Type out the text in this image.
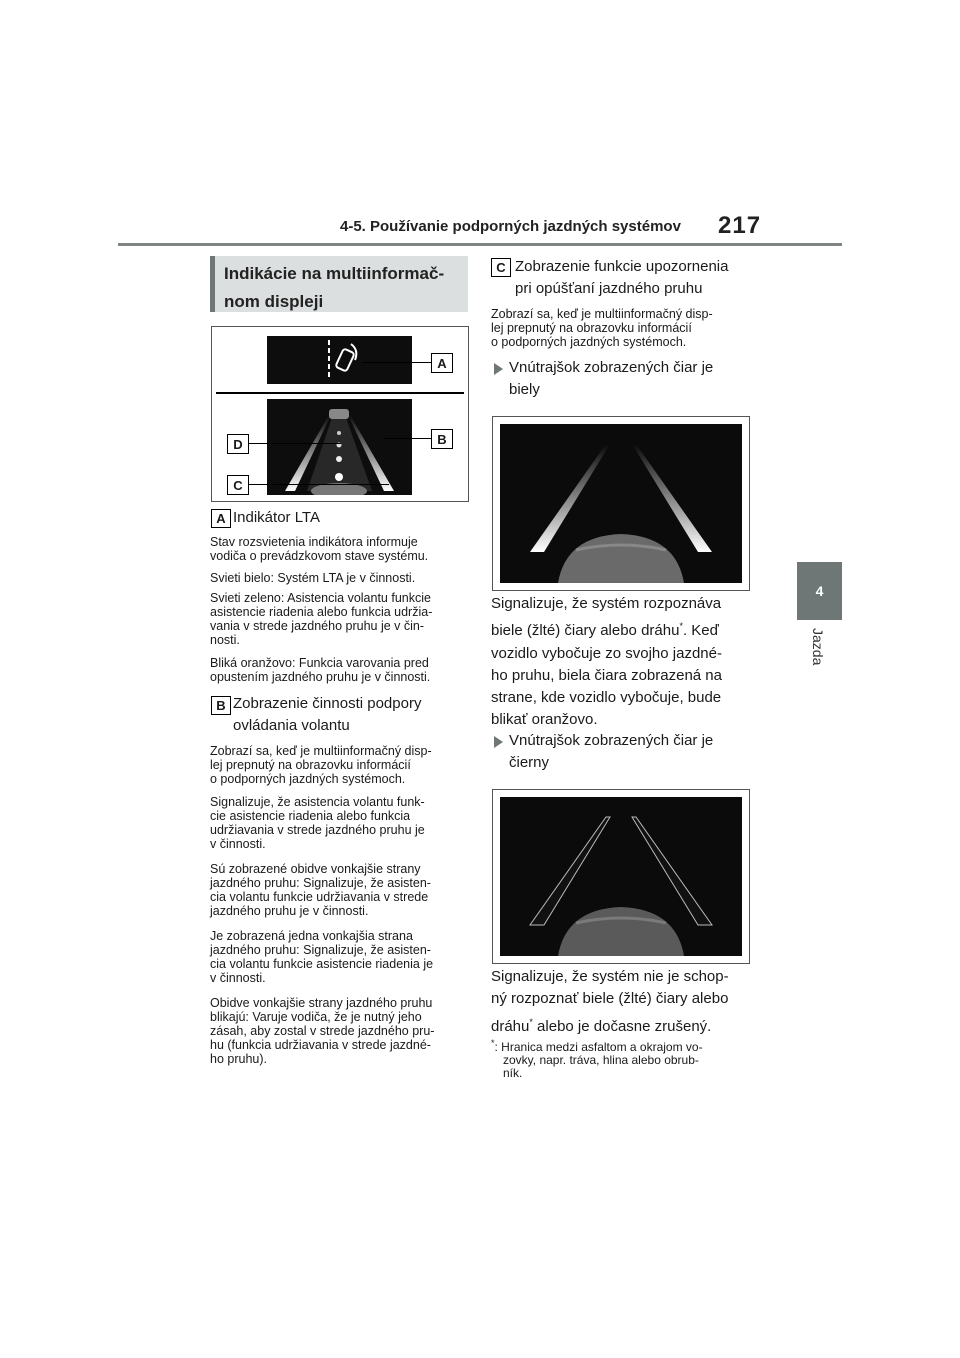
4-5. Používanie podporných jazdných systémov 217
4
Jazda
Indikácie na multiinformač-
nom displeji
A
B
D
C
A Indikátor LTA
Stav rozsvietenia indikátora informuje
vodiča o prevádzkovom stave systému.
Svieti bielo: Systém LTA je v činnosti.
Svieti zeleno: Asistencia volantu funkcie
asistencie riadenia alebo funkcia udržia-
vania v strede jazdného pruhu je v čin-
nosti.
Bliká oranžovo: Funkcia varovania pred
opustením jazdného pruhu je v činnosti.
B Zobrazenie činnosti podpory
ovládania volantu
Zobrazí sa, keď je multiinformačný disp-
lej prepnutý na obrazovku informácií
o podporných jazdných systémoch.
Signalizuje, že asistencia volantu funk-
cie asistencie riadenia alebo funkcia
udržiavania v strede jazdného pruhu je
v činnosti.
Sú zobrazené obidve vonkajšie strany
jazdného pruhu: Signalizuje, že asisten-
cia volantu funkcie udržiavania v strede
jazdného pruhu je v činnosti.
Je zobrazená jedna vonkajšia strana
jazdného pruhu: Signalizuje, že asisten-
cia volantu funkcie asistencie riadenia je
v činnosti.
Obidve vonkajšie strany jazdného pruhu
blikajú: Varuje vodiča, že je nutný jeho
zásah, aby zostal v strede jazdného pru-
hu (funkcia udržiavania v strede jazdné-
ho pruhu).
C Zobrazenie funkcie upozornenia
pri opúšťaní jazdného pruhu
Zobrazí sa, keď je multiinformačný disp-
lej prepnutý na obrazovku informácií
o podporných jazdných systémoch.
Vnútrajšok zobrazených čiar je
biely
Signalizuje, že systém rozpoznáva
biele (žlté) čiary alebo dráhu*. Keď
vozidlo vybočuje zo svojho jazdné-
ho pruhu, biela čiara zobrazená na
strane, kde vozidlo vybočuje, bude
blikať oranžovo.
Vnútrajšok zobrazených čiar je
čierny
Signalizuje, že systém nie je schop-
ný rozpoznať biele (žlté) čiary alebo
dráhu* alebo je dočasne zrušený.
*: Hranica medzi asfaltom a okrajom vo-
zovky, napr. tráva, hlina alebo obrub-
ník.
